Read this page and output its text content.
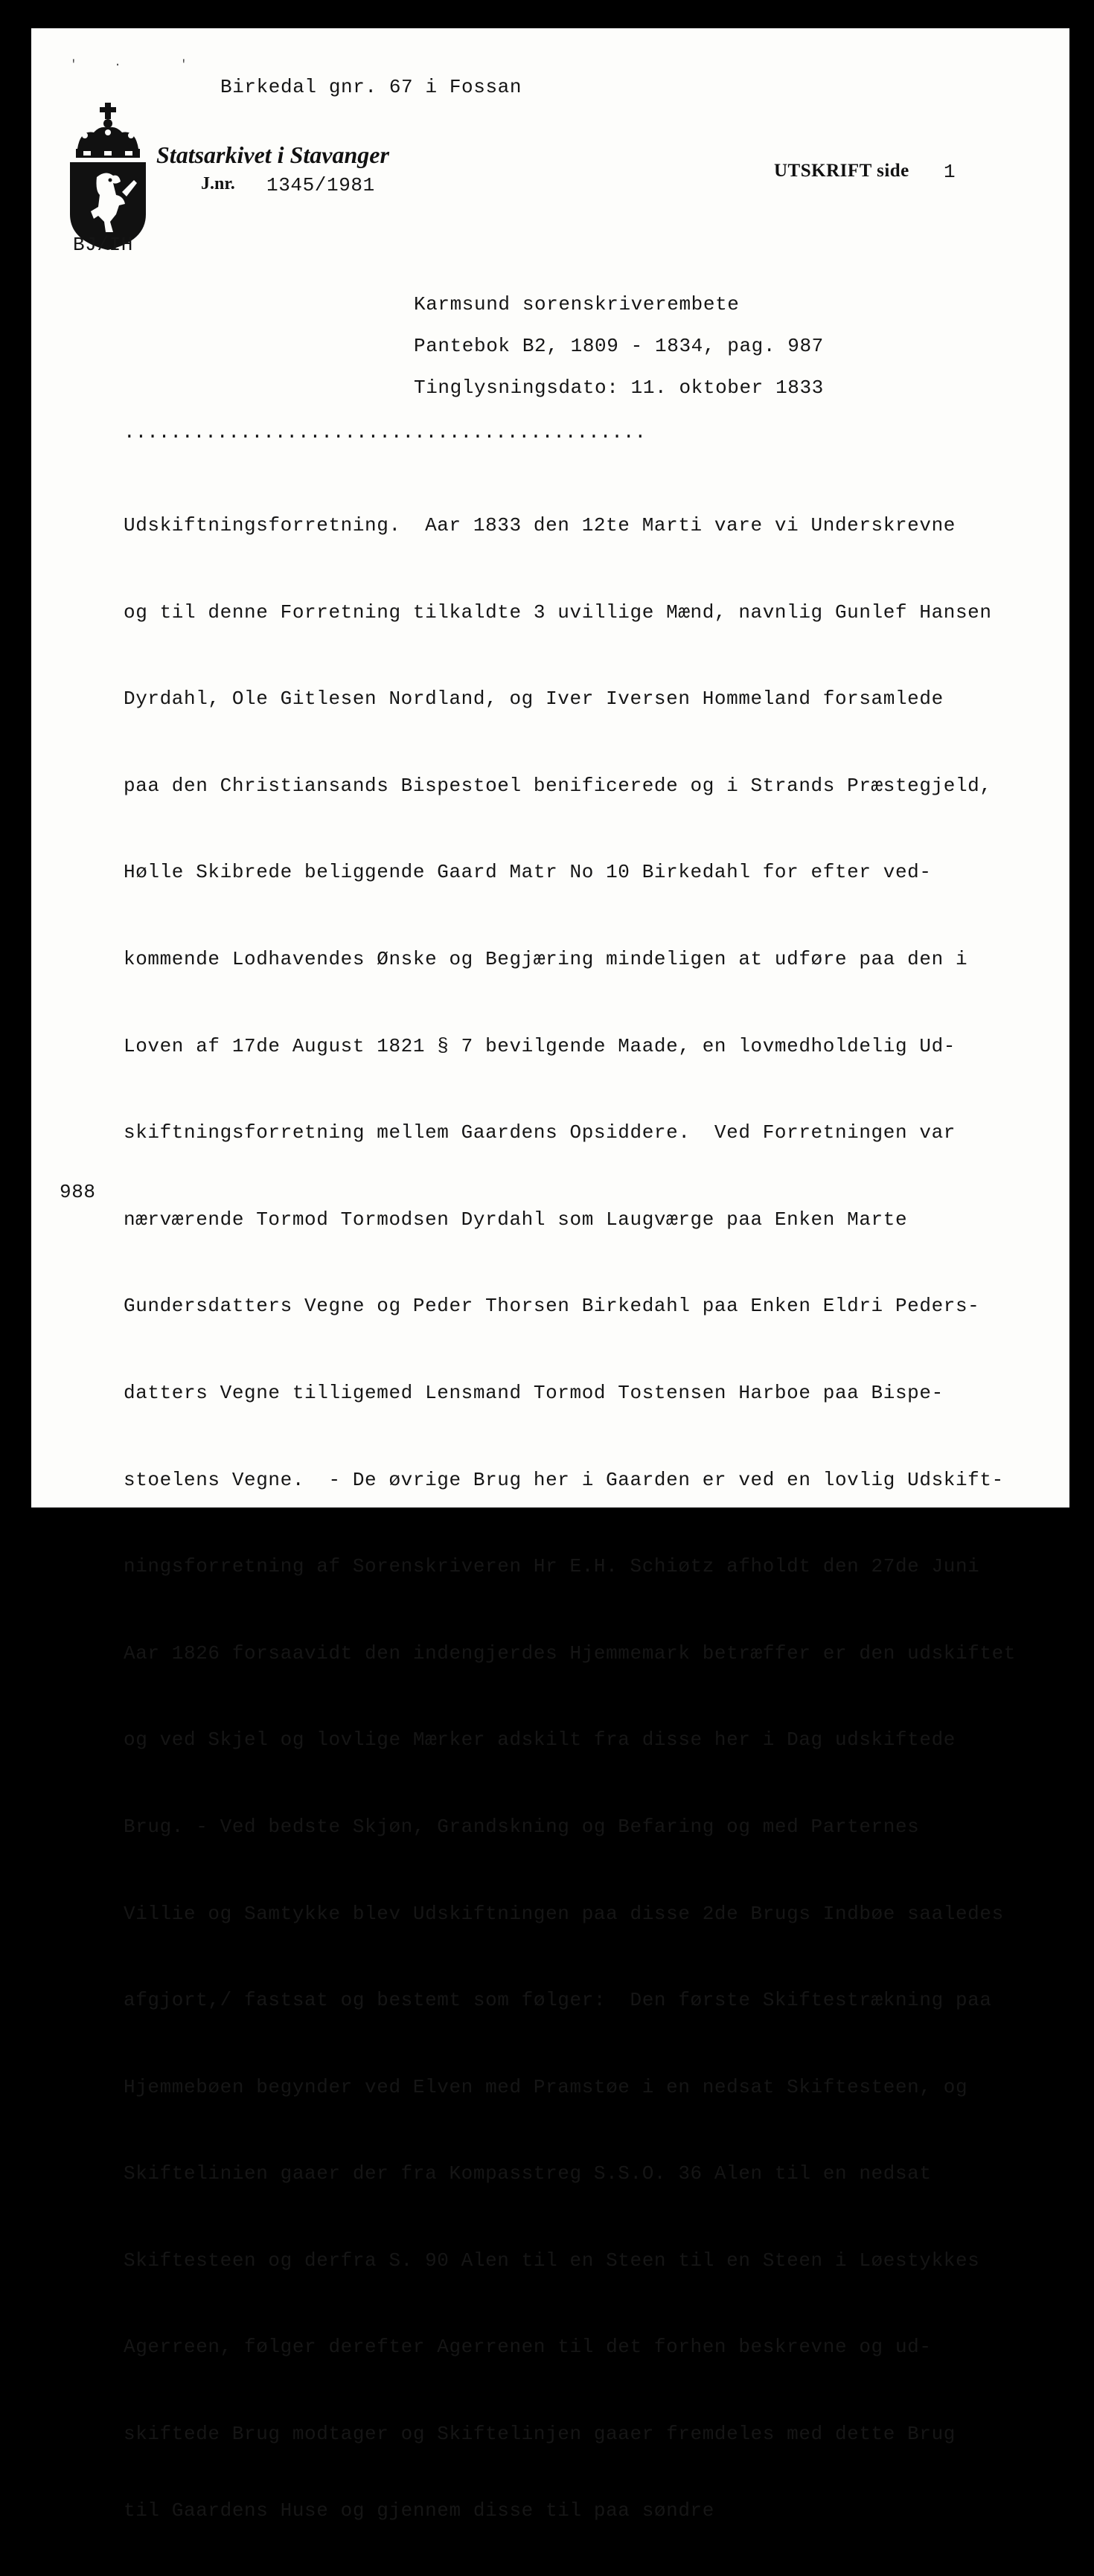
' ·  '
Birkedal gnr. 67 i Fossan
Statsarkivet i Stavanger
J.nr. 1345/1981
UTSKRIFT side 1
BJ/IH
Karmsund sorenskriverembete
Pantebok B2, 1809 - 1834, pag. 987
Tinglysningsdato: 11. oktober 1833
.............................................
988

Udskiftningsforretning.  Aar 1833 den 12te Marti vare vi Underskrevne

og til denne Forretning tilkaldte 3 uvillige Mænd, navnlig Gunlef Hansen

Dyrdahl, Ole Gitlesen Nordland, og Iver Iversen Hommeland forsamlede

paa den Christiansands Bispestoel benificerede og i Strands Præstegjeld,

Hølle Skibrede beliggende Gaard Matr No 10 Birkedahl for efter ved-

kommende Lodhavendes Ønske og Begjæring mindeligen at udføre paa den i

Loven af 17de August 1821 § 7 bevilgende Maade, en lovmedholdelig Ud-

skiftningsforretning mellem Gaardens Opsiddere.  Ved Forretningen var

nærværende Tormod Tormodsen Dyrdahl som Laugværge paa Enken Marte

Gundersdatters Vegne og Peder Thorsen Birkedahl paa Enken Eldri Peders-

datters Vegne tilligemed Lensmand Tormod Tostensen Harboe paa Bispe-

stoelens Vegne.  - De øvrige Brug her i Gaarden er ved en lovlig Udskift-

ningsforretning af Sorenskriveren Hr E.H. Schiøtz afholdt den 27de Juni

Aar 1826 forsaavidt den indengjerdes Hjemmemark betræffer er den udskiftet

og ved Skjel og lovlige Mærker adskilt fra disse her i Dag udskiftede

Brug. - Ved bedste Skjøn, Grandskning og Befaring og med Parternes

Villie og Samtykke blev Udskiftningen paa disse 2de Brugs Indbøe saaledes

afgjort,/ fastsat og bestemt som følger:  Den første Skiftestrækning paa

Hjemmebøen begynder ved Elven med Pramstøe i en nedsat Skiftesteen, og

Skiftelinien gaaer der fra Kompasstreg S.S.O. 36 Alen til en nedsat

Skiftesteen og derfra S. 90 Alen til en Steen til en Steen i Løestykkes

Agerreen, følger derefter Agerrenen til det forhen beskrevne og ud-

skiftede Brug modtager og Skiftelinjen gaaer fremdeles med dette Brug

til Gaardens Huse og gjennem disse til paa søndre
